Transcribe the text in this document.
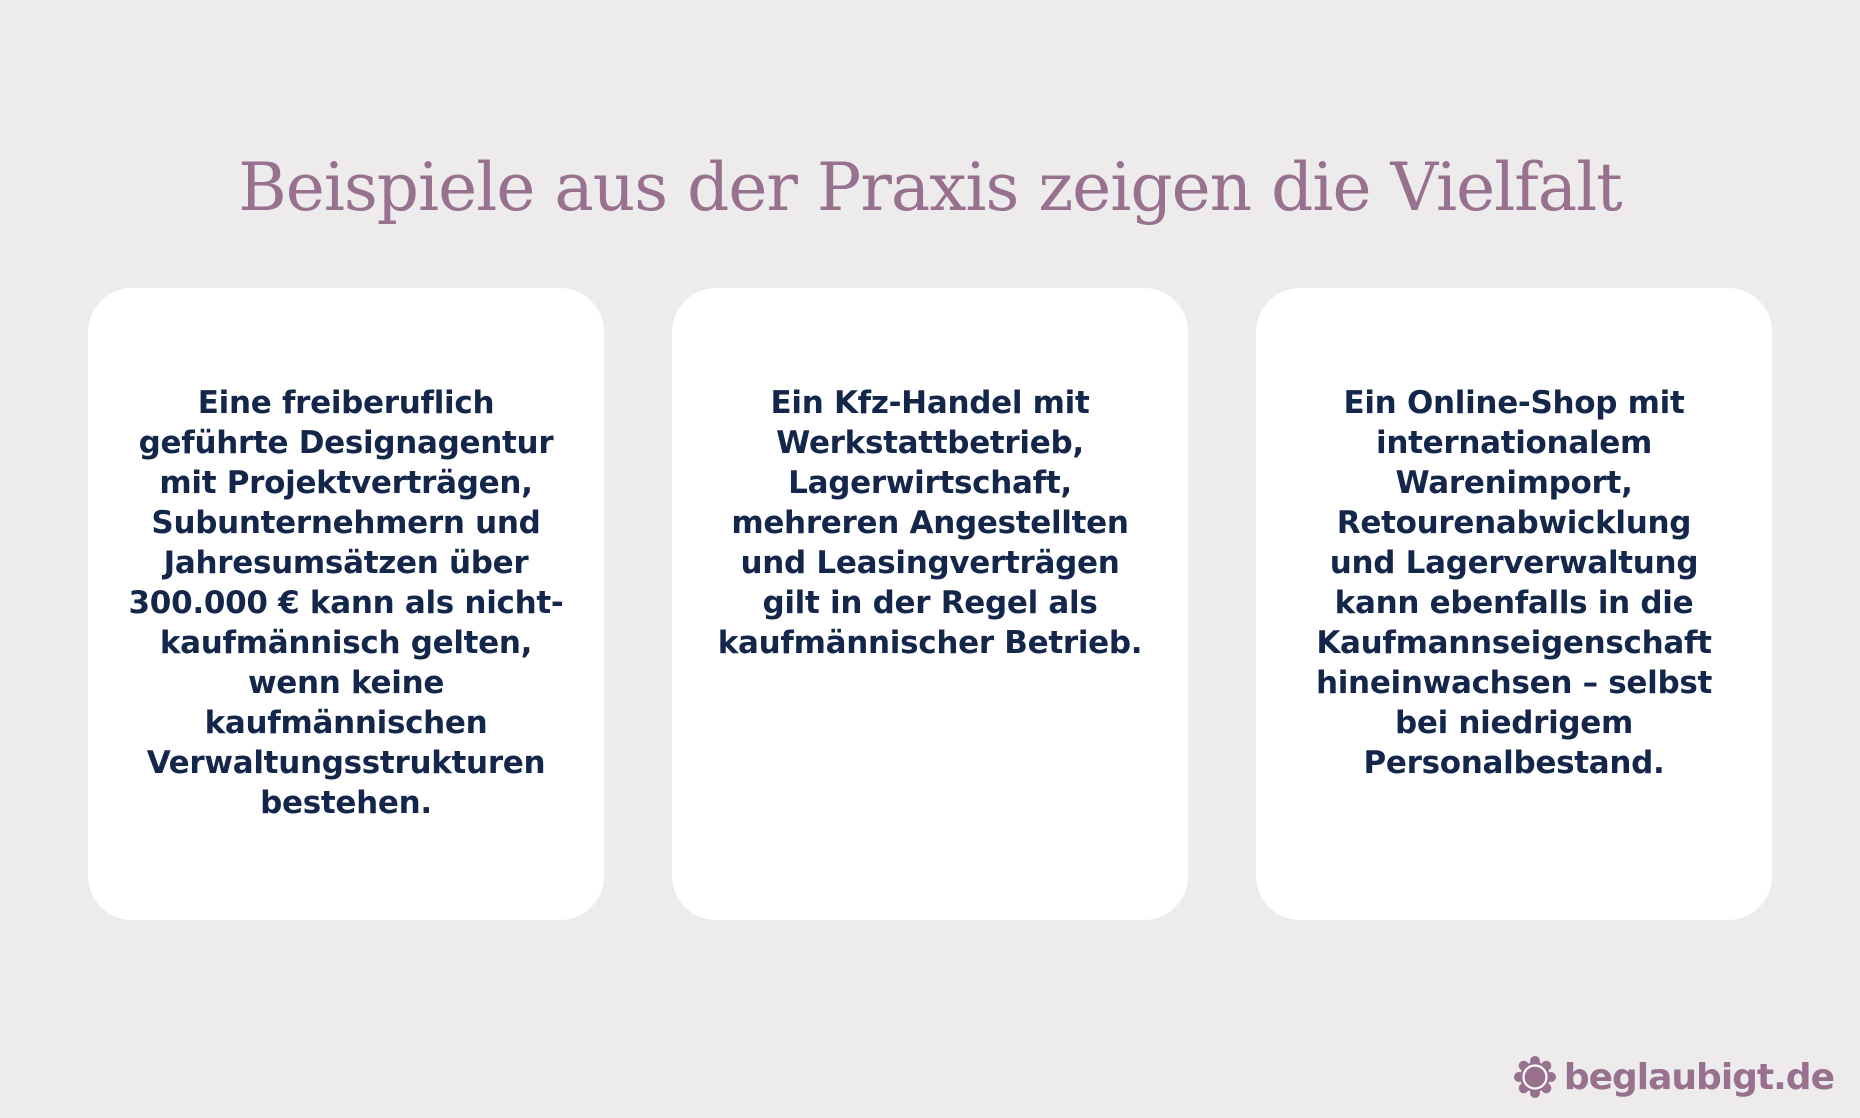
Beispiele aus der Praxis zeigen die Vielfalt

Eine freiberuflich
geführte Designagentur
mit Projektverträgen,
Subunternehmern und
Jahresumsätzen über
300.000 € kann als nicht-
kaufmännisch gelten,
wenn keine
kaufmännischen
Verwaltungsstrukturen
bestehen.

Ein Kfz-Handel mit
Werkstattbetrieb,
Lagerwirtschaft,
mehreren Angestellten
und Leasingverträgen
gilt in der Regel als
kaufmännischer Betrieb.

Ein Online-Shop mit
internationalem
Warenimport,
Retourenabwicklung
und Lagerverwaltung
kann ebenfalls in die
Kaufmannseigenschaft
hineinwachsen – selbst
bei niedrigem
Personalbestand.

beglaubigt.de
